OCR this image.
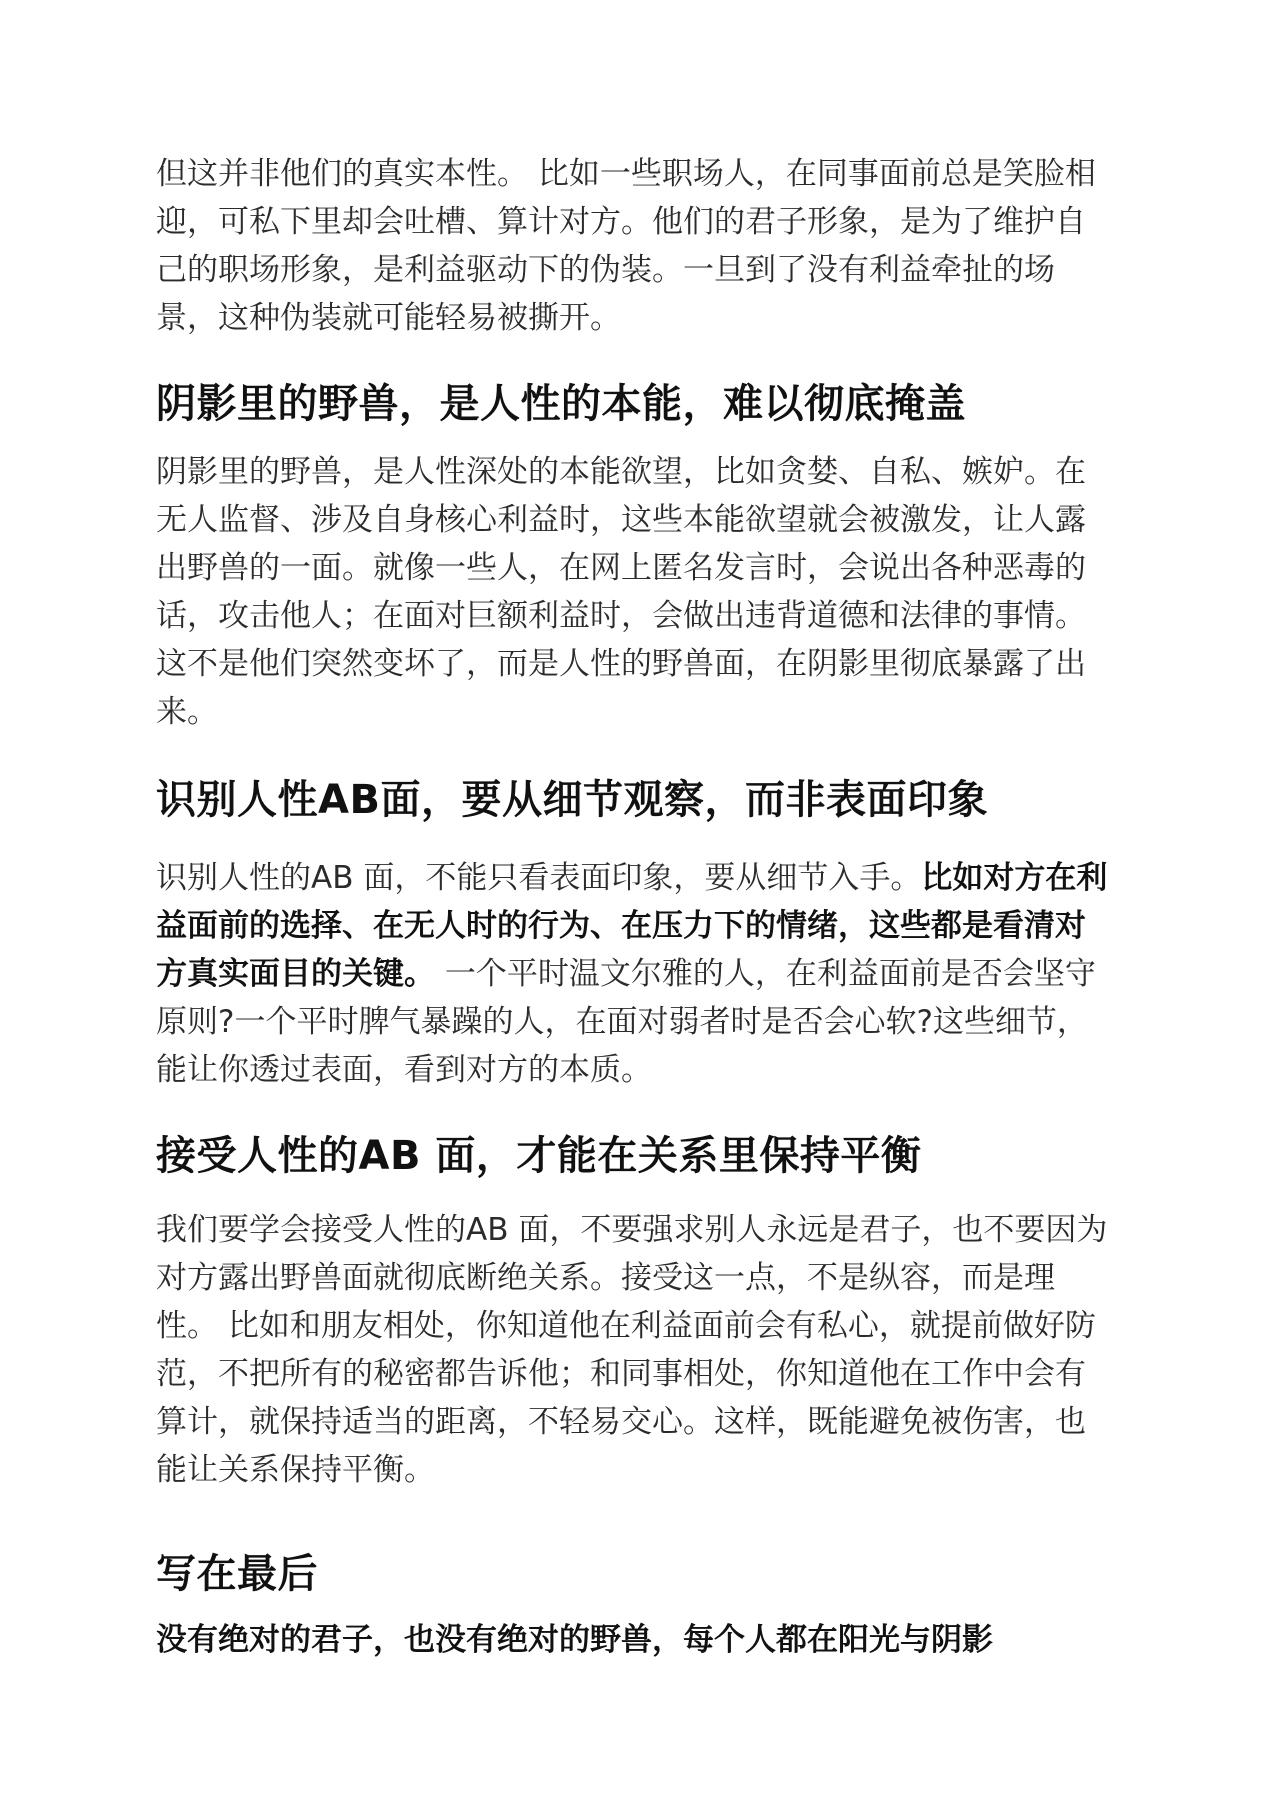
但这并非他们的真实本性。 比如一些职场人，在同事面前总是笑脸相迎，可私下里却会吐槽、算计对方。他们的君子形象，是为了维护自己的职场形象，是利益驱动下的伪装。一旦到了没有利益牵扯的场景，这种伪装就可能轻易被撕开。

阴影里的野兽，是人性的本能，难以彻底掩盖

阴影里的野兽，是人性深处的本能欲望，比如贪婪、自私、嫉妒。在无人监督、涉及自身核心利益时，这些本能欲望就会被激发，让人露出野兽的一面。就像一些人，在网上匿名发言时，会说出各种恶毒的话，攻击他人；在面对巨额利益时，会做出违背道德和法律的事情。这不是他们突然变坏了，而是人性的野兽面，在阴影里彻底暴露了出来。

识别人性AB面，要从细节观察，而非表面印象

识别人性的AB 面，不能只看表面印象，要从细节入手。比如对方在利益面前的选择、在无人时的行为、在压力下的情绪，这些都是看清对方真实面目的关键。 一个平时温文尔雅的人，在利益面前是否会坚守原则?一个平时脾气暴躁的人，在面对弱者时是否会心软?这些细节，能让你透过表面，看到对方的本质。

接受人性的AB 面，才能在关系里保持平衡

我们要学会接受人性的AB 面，不要强求别人永远是君子，也不要因为对方露出野兽面就彻底断绝关系。接受这一点，不是纵容，而是理性。 比如和朋友相处，你知道他在利益面前会有私心，就提前做好防范，不把所有的秘密都告诉他；和同事相处，你知道他在工作中会有算计，就保持适当的距离，不轻易交心。这样，既能避免被伤害，也能让关系保持平衡。

写在最后

没有绝对的君子，也没有绝对的野兽，每个人都在阳光与阴影
